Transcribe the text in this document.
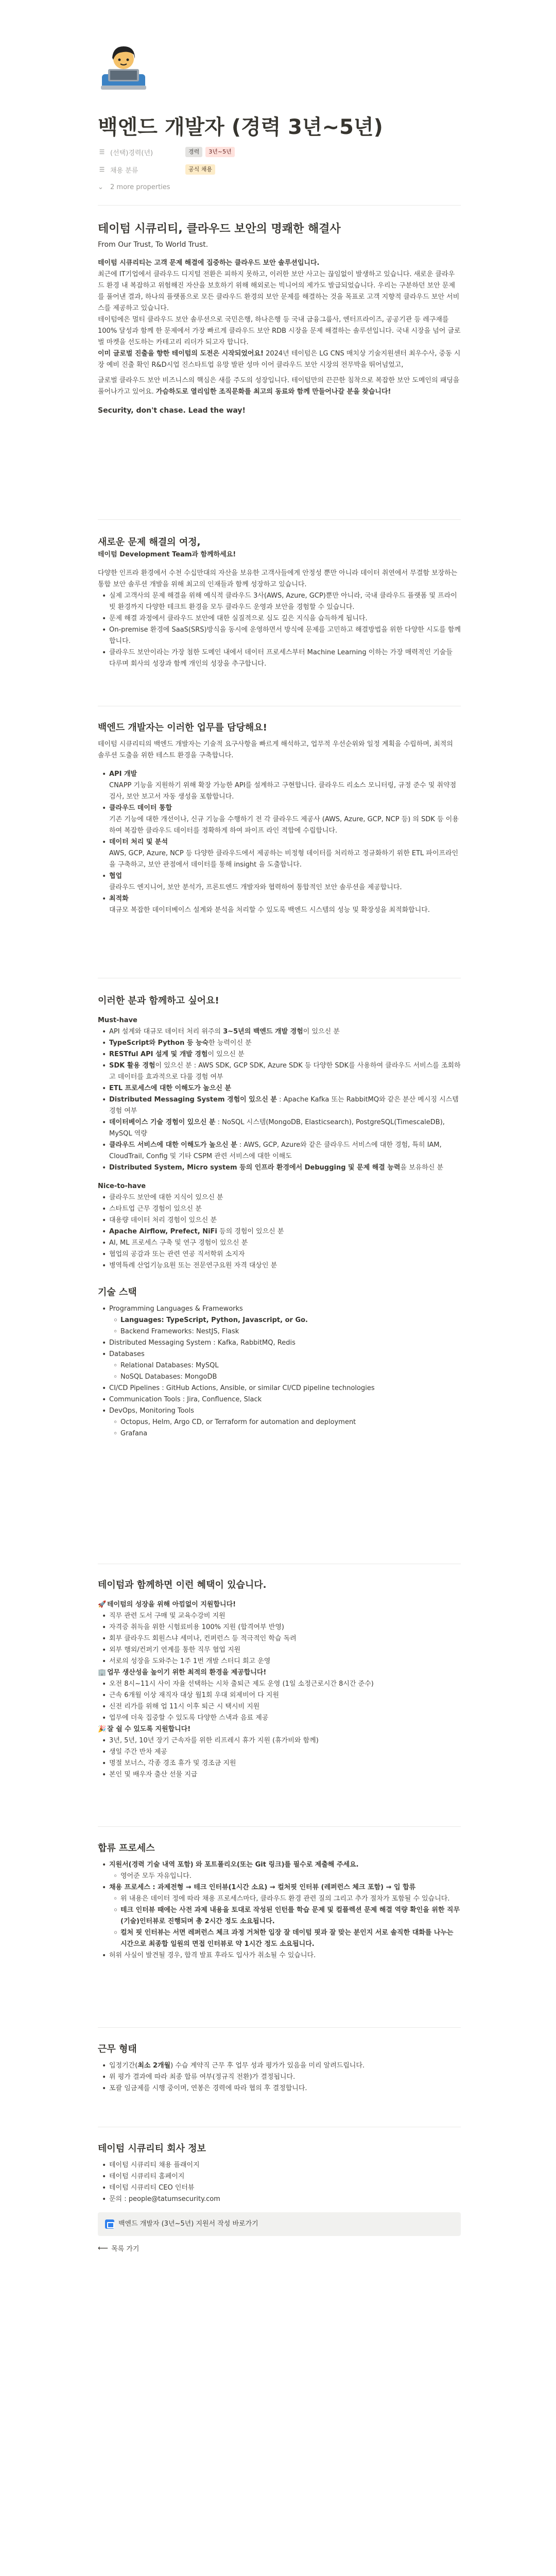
백엔드 개발자 (경력 3년~5년)
☰ (선택)경력(년)	경력	3년~5년
☰ 채용 분류	공식 채용
⌄	2 more properties
테이텀 시큐리티, 클라우드 보안의 명쾌한 해결사

From Our Trust, To World Trust.

테이텀 시큐리티는 고객 문제 해결에 집중하는 클라우드 보안 솔루션입니다.

최근에 IT기업에서 클라우드 디지털 전환은 피하지 못하고, 이러한 보안 사고는 끊임없이 발생하고 있습니다. 새로운 클라우드 환경 내 복잡하고 위험해진 자산을 보호하기 위해 해외로는 빅니어의 제가도 발급되었습니다. 우리는 구분하던 보안 문제를 풀어낸 결과, 하나의 플랫폼으로 모든 클라우드 환경의 보안 문제를 해결하는 것을 목표로 고객 지향적 클라우드 보안 서비스를 제공하고 있습니다.

테이텀에은 멀티 클라우드 보안 솔루션으로 국민은행, 하나은행 등 국내 금융그룹사, 엔터프라이즈, 공공기관 등 레구재를 100% 달성과 함께 한 문제에서 가장 빠르게 클라우드 보안 RDB 시장을 문제 해결하는 솔루션입니다. 국내 시장을 넘어 글로벌 마켓을 선도하는 카테고리 리더가 되고자 합니다.

이미 글로벌 진출을 향한 테이텀의 도전은 시작되었어요! 2024년 테이텀은 LG CNS 매치상 기술지원센터 최우수사, 중동 시장 예비 진출 확인 R&D시업 진스타트업 유망 발판 성마 이어 클라우드 보안 시장의 전무박을 뛰어넘었고,

글로벌 클라우드 보안 비즈니스의 핵심은 새를 주도의 성장입니다. 테이텀만의 끈끈한 침착으로 복잡한 보안 도메인의 패딩을 풀어나가고 있어요. 가슴하도로 열리임한 조직문화를 최고의 동료와 함께 만들어나갈 분을 찾습니다!

Security, don't chase. Lead the way!

새로운 문제 해결의 여정,

테이텀 Development Team과 함께하세요!

다양한 인프라 환경에서 수천 수십만대의 자산을 보유한 고객사들에게 안정성 뿐만 아니라 데이터 취연에서 무결함 보장하는 통합 보안 솔루션 개발을 위해 최고의 인재들과 함께 성장하고 있습니다.

• 실제 고객사의 문제 해결을 위해 예식적 클라우드 3사(AWS, Azure, GCP)뿐만 아니라, 국내 클라우드 플랫폼 및 프라이빗 환경까지 다양한 테크트 환경을 모두 클라우드 운영과 보안을 경험할 수 있습니다.
• 문제 해결 과정에서 클라우드 보안에 대한 실질적으로 심도 깊은 지식을 습득하게 됩니다.
• On-premise 환경에 SaaS(SRS)방식을 동시에 운영하면서 방식에 문제를 고민하고 해결방법을 위한 다양한 시도를 함께 합니다.
• 클라우드 보안이라는 가장 첨한 도메인 내에서 데이터 프로세스부터 Machine Learning 이하는 가장 매력적인 기술들 다루며 회사의 성장과 함께 개인의 성장을 추구합니다.
백엔드 개발자는 이러한 업무를 담당해요!

테이텀 시큐리티의 백엔드 개발자는 기술적 요구사항을 빠르게 해석하고, 업무적 우선순위와 일정 계획을 수립하며, 최적의 솔루션 도출을 위한 테스트 환경을 구축합니다.

• API 개발
CNAPP 기능을 지원하기 위해 확장 가능한 API를 설계하고 구현합니다. 클라우드 리소스 모니터링, 규정 준수 및 취약점 검사, 보안 보고서 자동 생성을 포함합니다.
• 클라우드 데이터 통합
기존 기능에 대한 개선이나, 신규 기능을 수행하기 전 각 클라우드 제공사 (AWS, Azure, GCP, NCP 등) 의 SDK 등 이용하여 복잡한 클라우드 데이터를 정확하게 하여 파이프 라인 적합에 수립합니다.
• 데이터 처리 및 분석
AWS, GCP, Azure, NCP 등 다양한 클라우드에서 제공하는 비정형 데이터를 처리하고 정규화하기 위한 ETL 파이프라인을 구축하고, 보안 관점에서 데이터를 통해 insight 을 도출합니다.
• 협업
클라우드 엔지니어, 보안 분석가, 프론트엔드 개발자와 협력하여 통합적인 보안 솔루션을 제공합니다.
• 최적화
대규모 복잡한 데이터베이스 설계와 분석을 처리할 수 있도록 백엔드 시스템의 성능 및 확장성을 최적화합니다.
이러한 분과 함께하고 싶어요!

Must-have

• API 설계와 대규모 데이터 처리 위주의 3~5년의 백엔드 개발 경험이 있으신 분
• TypeScript와 Python 등 능숙한 능력이신 분
• RESTful API 설계 및 개발 경험이 있으신 분
• SDK 활용 경험이 있으신 분 : AWS SDK, GCP SDK, Azure SDK 등 다양한 SDK를 사용하여 클라우드 서비스를 조회하고 데이터를 효과적으로 다룰 경험 여부
• ETL 프로세스에 대한 이해도가 높으신 분
• Distributed Messaging System 경험이 있으신 분 : Apache Kafka 또는 RabbitMQ와 같은 분산 메시징 시스템 경험 여부
• 데이터베이스 기술 경험이 있으신 분 : NoSQL 시스템(MongoDB, Elasticsearch), PostgreSQL(TimescaleDB), MySQL 역량
• 클라우드 서비스에 대한 이해도가 높으신 분 : AWS, GCP, Azure와 같은 클라우드 서비스에 대한 경험, 특히 IAM, CloudTrail, Config 및 기타 CSPM 관련 서비스에 대한 이해도
• Distributed System, Micro system 등의 인프라 환경에서 Debugging 및 문제 해결 능력을 보유하신 분

Nice-to-have

• 클라우드 보안에 대한 지식이 있으신 분
• 스타트업 근무 경험이 있으신 분
• 대용량 데이터 처리 경험이 있으신 분
• Apache Airflow, Prefect, NiFi 등의 경험이 있으신 분
• AI, ML 프로세스 구축 및 연구 경험이 있으신 분
• 협업의 공감과 또는 관련 연공 직서학위 소지자
• 병역특례 산업기능요원 또는 전문연구요원 자격 대상인 분
기술 스택
• Programming Languages & Frameworks
◦ Languages: TypeScript, Python, Javascript, or Go.
◦ Backend Frameworks: NestJS, Flask
• Distributed Messaging System : Kafka, RabbitMQ, Redis
• Databases
◦ Relational Databases: MySQL
◦ NoSQL Databases: MongoDB
• CI/CD Pipelines : GitHub Actions, Ansible, or similar CI/CD pipeline technologies
• Communication Tools : Jira, Confluence, Slack
• DevOps, Monitoring Tools
◦ Octopus, Helm, Argo CD, or Terraform for automation and deployment
◦ Grafana
테이텀과 함께하면 이런 혜택이 있습니다.

🚀 테이텀의 성장을 위해 아낌없이 지원합니다!

• 직무 관련 도서 구매 및 교육수강비 지원
• 자격증 취득을 위한 시험료비용 100% 지원 (합격여부 반영)
• 회부 클라우드 회원스냐 세미나, 컨퍼런스 등 적극적인 학습 독려
• 외부 행외/컨퍼기 연계를 통한 직무 협업 지원
• 서로의 성장을 도와주는 1주 1번 개발 스터디 회고 운영

🏢 업무 생산성을 높이기 위한 최적의 환경을 제공합니다!

• 오전 8시~11시 사이 자율 선택하는 시차 출퇴근 제도 운영 (1일 소정근로시간 8시간 준수)
• 근속 6개월 이상 재직자 대상 월1회 우대 외제비어 다 지원
• 신전 리가를 위해 업 11시 이후 퇴근 시 택시비 지원
• 업무에 더욱 집중할 수 있도록 다양한 스낵과 음료 제공

🎉 잘 쉴 수 있도록 지원합니다!

• 3년, 5년, 10년 장기 근속자를 위한 리프레시 휴가 지원 (휴가비와 함께)
• 생일 주간 반차 제공
• 명절 보너스, 각종 경조 휴가 및 경조금 지원
• 본인 및 배우자 출산 선물 지급
합류 프로세스
• 지원서(경력 기술 내역 포함) 와 포트폴리오(또는 Git 링크)를 필수로 제출해 주세요.
◦ 영어준 모두 자유입니다.
• 채용 프로세스 : 과제전형 → 테크 인터뷰(1시간 소요) → 컬처핏 인터뷰 (레퍼런스 체크 포함) → 입 합류
◦ 위 내용은 데이터 정에 따라 채용 프로세스마다, 클라우드 환경 관련 질의 그리고 추가 절차가 포함될 수 있습니다.
◦ 테크 인터뷰 때에는 사전 과제 내용을 토대로 작성된 인턴를 학습 문제 및 컬플렉션 문제 해결 역량 확인을 위한 직무(기술)인터뷰로 진행되며 총 2시간 정도 소요됩니다.
◦ 컬처 핏 인터뷰는 서면 레퍼런스 체크 과정 거쳐한 입장 잘 데이텀 핏과 잘 맞는 분인지 서로 솔직한 대화를 나누는 시간으로 최종합 일원의 면접 인터뷰로 약 1시간 정도 소요됩니다.
• 허위 사실이 발견될 경우, 합격 발표 후라도 입사가 취소될 수 있습니다.
근무 형태
• 입정기간(최소 2개월) 수습 계약직 근무 후 업무 성과 평가가 있음을 미리 알려드립니다.
• 위 평가 결과에 따라 최종 합류 여부(정규직 전환)가 결정됩니다.
• 포괄 임금제를 시행 중이며, 연봉은 경력에 따라 협의 후 결정합니다.
테이텀 시큐리티 회사 정보
• 테이텀 시큐리티 채용 플래이지
• 테이텀 시큐리티 홈페이지
• 테이텀 시큐리티 CEO 인터뷰
• 문의 : people@tatumsecurity.com
백엔드 개발자 (3년~5년) 지원서 작성 바로가기
⟵ 목록 가기
